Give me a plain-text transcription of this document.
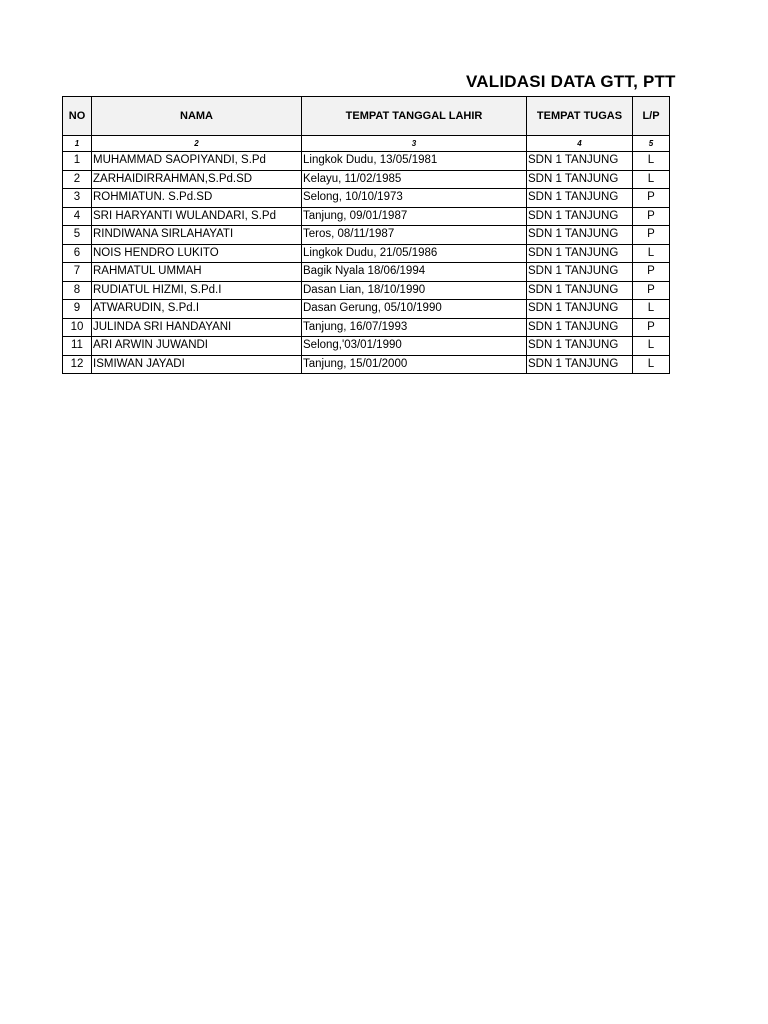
VALIDASI DATA GTT, PTT
NO	NAMA	TEMPAT TANGGAL LAHIR	TEMPAT TUGAS	L/P
1	2	3	4	5
1	MUHAMMAD SAOPIYANDI, S.Pd	Lingkok Dudu, 13/05/1981	SDN 1 TANJUNG	L
2	ZARHAIDIRRAHMAN,S.Pd.SD	Kelayu, 11/02/1985	SDN 1 TANJUNG	L
3	ROHMIATUN. S.Pd.SD	Selong, 10/10/1973	SDN 1 TANJUNG	P
4	SRI HARYANTI WULANDARI, S.Pd	Tanjung, 09/01/1987	SDN 1 TANJUNG	P
5	RINDIWANA SIRLAHAYATI	Teros, 08/11/1987	SDN 1 TANJUNG	P
6	NOIS HENDRO LUKITO	Lingkok Dudu, 21/05/1986	SDN 1 TANJUNG	L
7	RAHMATUL UMMAH	Bagik Nyala 18/06/1994	SDN 1 TANJUNG	P
8	RUDIATUL HIZMI, S.Pd.I	Dasan Lian, 18/10/1990	SDN 1 TANJUNG	P
9	ATWARUDIN, S.Pd.I	Dasan Gerung, 05/10/1990	SDN 1 TANJUNG	L
10	JULINDA SRI HANDAYANI	Tanjung, 16/07/1993	SDN 1 TANJUNG	P
11	ARI ARWIN JUWANDI	Selong,'03/01/1990	SDN 1 TANJUNG	L
12	ISMIWAN JAYADI	Tanjung, 15/01/2000	SDN 1 TANJUNG	L
